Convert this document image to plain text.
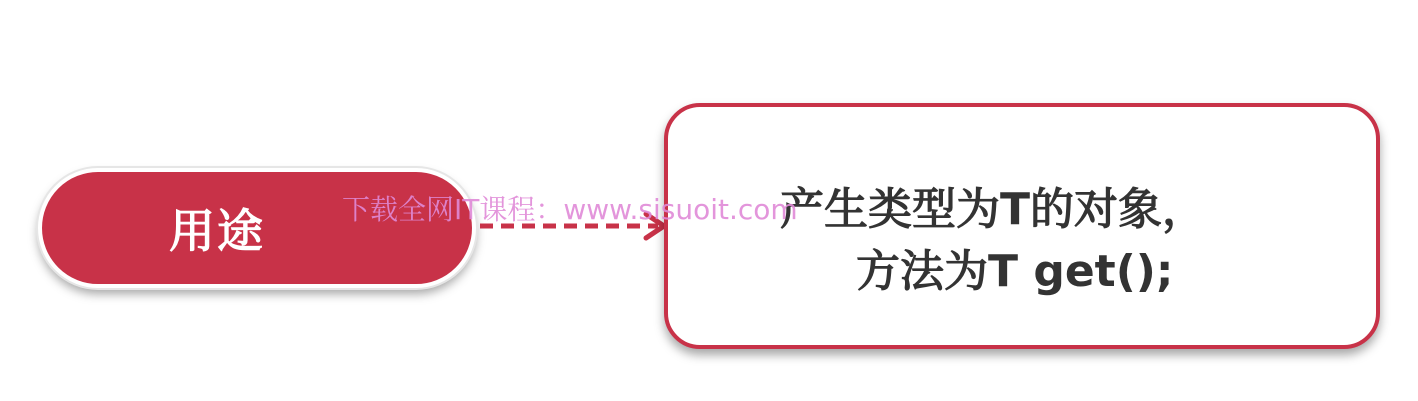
用途	产生类型为T的对象，
方法为T get();
下载全网IT课程：www.sisuoit.com
